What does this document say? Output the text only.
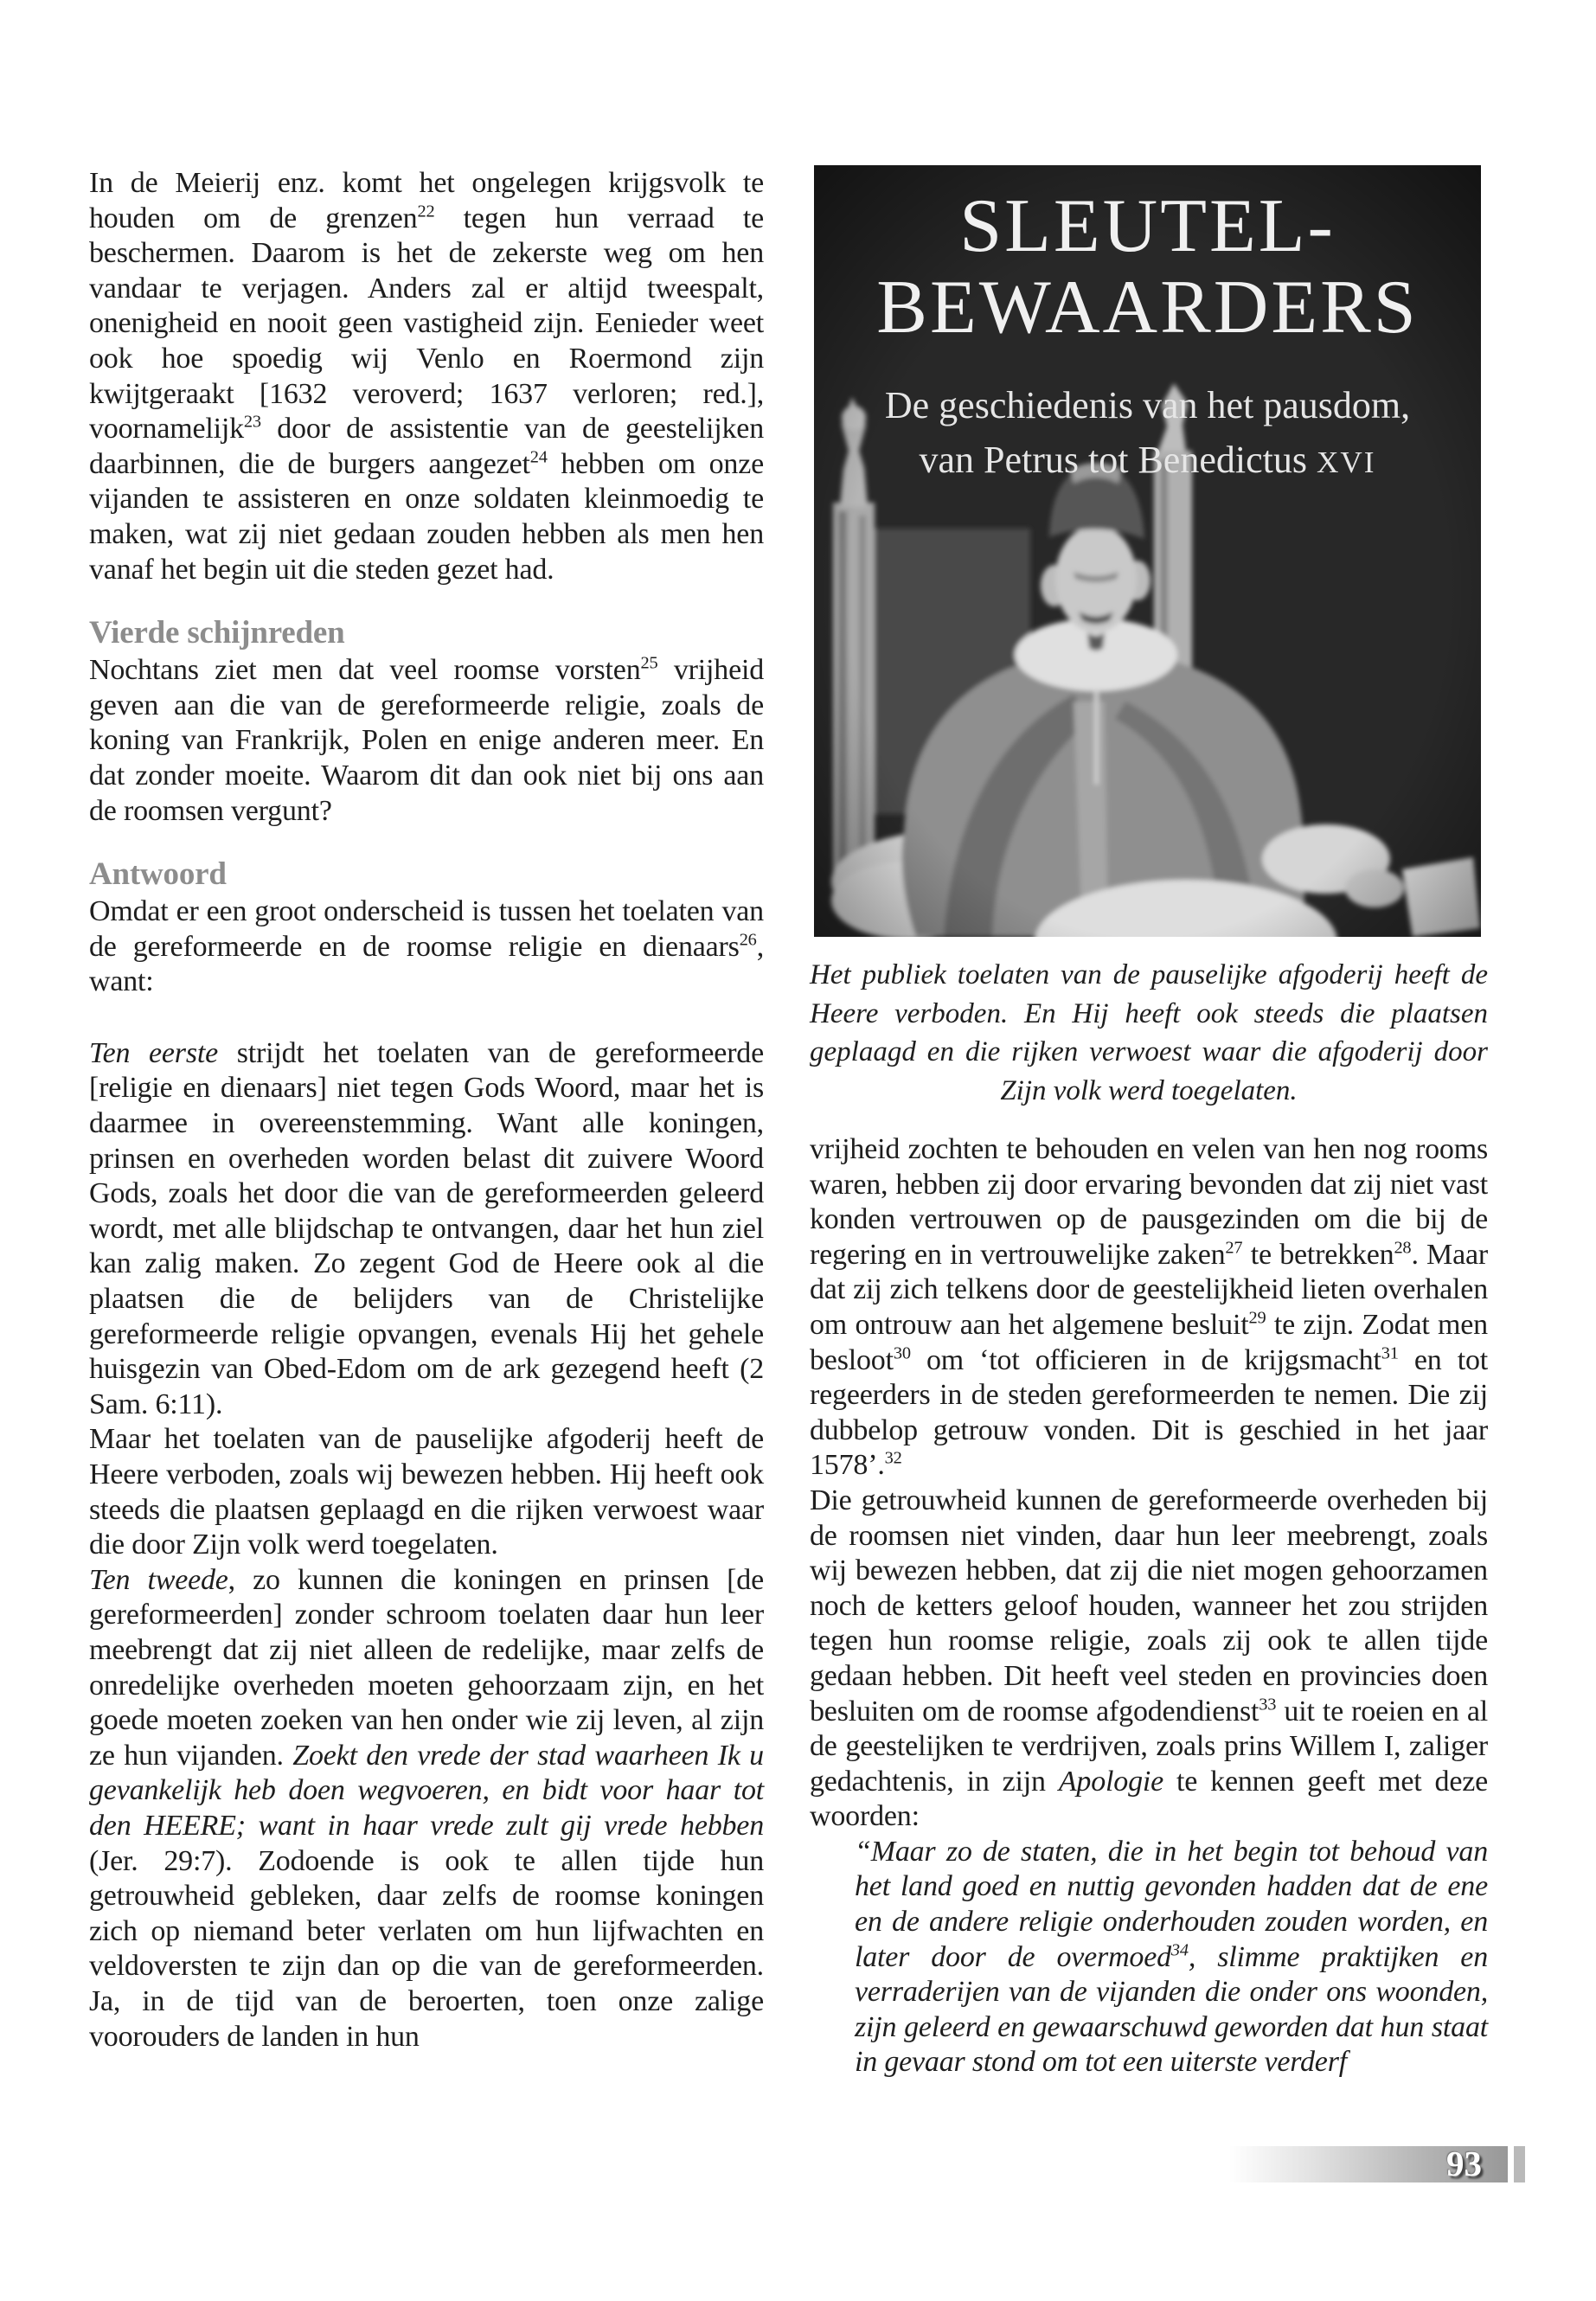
In de Meierij enz. komt het ongelegen krijgsvolk te houden om de grenzen$^{22}$ tegen hun verraad te beschermen. Daarom is het de zekerste weg om hen vandaar te verjagen. Anders zal er altijd tweespalt, onenigheid en nooit geen vastigheid zijn. Eenieder weet ook hoe spoedig wij Venlo en Roermond zijn kwijtgeraakt [1632 veroverd; 1637 verloren; red.], voornamelijk$^{23}$ door de assistentie van de geestelijken daarbinnen, die de burgers aangezet$^{24}$ hebben om onze vijanden te assisteren en onze soldaten kleinmoedig te maken, wat zij niet gedaan zouden hebben als men hen vanaf het begin uit die steden gezet had.

Vierde schijnreden

Nochtans ziet men dat veel roomse vorsten$^{25}$ vrijheid geven aan die van de gereformeerde religie, zoals de koning van Frankrijk, Polen en enige anderen meer. En dat zonder moeite. Waarom dit dan ook niet bij ons aan de roomsen vergunt?

Antwoord

Omdat er een groot onderscheid is tussen het toelaten van de gereformeerde en de roomse religie en dienaars$^{26}$, want:

Ten eerste strijdt het toelaten van de gereformeerde [religie en dienaars] niet tegen Gods Woord, maar het is daarmee in overeenstemming. Want alle koningen, prinsen en overheden worden belast dit zuivere Woord Gods, zoals het door die van de gereformeerden geleerd wordt, met alle blijdschap te ontvangen, daar het hun ziel kan zalig maken. Zo zegent God de Heere ook al die plaatsen die de belijders van de Christelijke gereformeerde religie opvangen, evenals Hij het gehele huisgezin van Obed-Edom om de ark gezegend heeft (2 Sam. 6:11).

Maar het toelaten van de pauselijke afgoderij heeft de Heere verboden, zoals wij bewezen hebben. Hij heeft ook steeds die plaatsen geplaagd en die rijken verwoest waar die door Zijn volk werd toegelaten.

Ten tweede, zo kunnen die koningen en prinsen [de gereformeerden] zonder schroom toelaten daar hun leer meebrengt dat zij niet alleen de redelijke, maar zelfs de onredelijke overheden moeten gehoorzaam zijn, en het goede moeten zoeken van hen onder wie zij leven, al zijn ze hun vijanden. Zoekt den vrede der stad waarheen Ik u gevankelijk heb doen wegvoeren, en bidt voor haar tot den HEERE; want in haar vrede zult gij vrede hebben (Jer. 29:7). Zodoende is ook te allen tijde hun getrouwheid gebleken, daar zelfs de roomse koningen zich op niemand beter verlaten om hun lijfwachten en veldoversten te zijn dan op die van de gereformeerden. Ja, in de tijd van de beroerten, toen onze zalige voorouders de landen in hun

SLEUTEL-
BEWAARDERS
De geschiedenis van het pausdom,
van Petrus tot Benedictus XVI

Het publiek toelaten van de pauselijke afgoderij heeft de Heere verboden. En Hij heeft ook steeds die plaatsen geplaagd en die rijken verwoest waar die afgoderij door Zijn volk werd toegelaten.

vrijheid zochten te behouden en velen van hen nog rooms waren, hebben zij door ervaring bevonden dat zij niet vast konden vertrouwen op de pausgezinden om die bij de regering en in vertrouwelijke zaken$^{27}$ te betrekken$^{28}$. Maar dat zij zich telkens door de geestelijkheid lieten overhalen om ontrouw aan het algemene besluit$^{29}$ te zijn. Zodat men besloot$^{30}$ om ‘tot officieren in de krijgsmacht$^{31}$ en tot regeerders in de steden gereformeerden te nemen. Die zij dubbelop getrouw vonden. Dit is geschied in het jaar 1578’.$^{32}$

Die getrouwheid kunnen de gereformeerde overheden bij de roomsen niet vinden, daar hun leer meebrengt, zoals wij bewezen hebben, dat zij die niet mogen gehoorzamen noch de ketters geloof houden, wanneer het zou strijden tegen hun roomse religie, zoals zij ook te allen tijde gedaan hebben. Dit heeft veel steden en provincies doen besluiten om de roomse afgodendienst$^{33}$ uit te roeien en al de geestelijken te verdrijven, zoals prins Willem I, zaliger gedachtenis, in zijn Apologie te kennen geeft met deze woorden:

“Maar zo de staten, die in het begin tot behoud van het land goed en nuttig gevonden hadden dat de ene en de andere religie onderhouden zouden worden, en later door de overmoed$^{34}$, slimme praktijken en verraderijen van de vijanden die onder ons woonden, zijn geleerd en gewaarschuwd geworden dat hun staat in gevaar stond om tot een uiterste verderf

93
